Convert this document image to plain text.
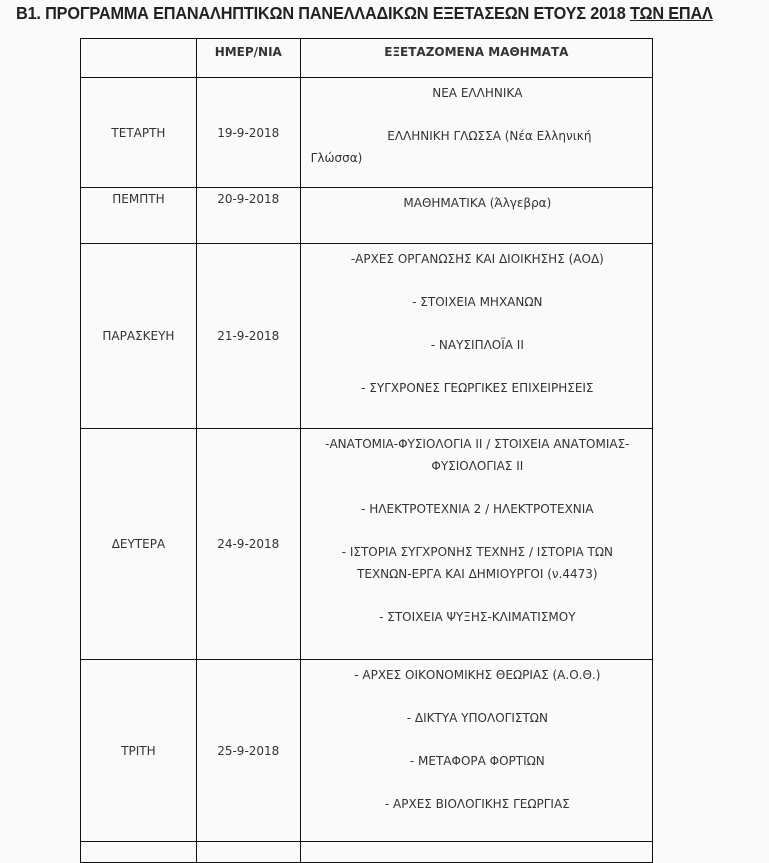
Β1. ΠΡΟΓΡΑΜΜΑ ΕΠΑΝΑΛΗΠΤΙΚΩΝ ΠΑΝΕΛΛΑΔΙΚΩΝ ΕΞΕΤΑΣΕΩΝ ΕΤΟΥΣ 2018 ΤΩΝ ΕΠΑΛ
	ΗΜΕΡ/ΝΙΑ	ΕΞΕΤΑΖΟΜΕΝΑ ΜΑΘΗΜΑΤΑ
ΤΕΤΑΡΤΗ	19-9-2018	ΝΕΑ ΕΛΛΗΝΙΚΑ
ΕΛΛΗΝΙΚΗ ΓΛΩΣΣΑ (Νέα Ελληνική
Γλώσσα)

ΠΕΜΠΤΗ	20-9-2018	ΜΑΘΗΜΑΤΙΚΑ (Άλγεβρα)

ΠΑΡΑΣΚΕΥΗ	21-9-2018	-ΑΡΧΕΣ ΟΡΓΑΝΩΣΗΣ ΚΑΙ ΔΙΟΙΚΗΣΗΣ (ΑΟΔ)
- ΣΤΟΙΧΕΙΑ ΜΗΧΑΝΩΝ
- ΝΑΥΣΙΠΛΟΪΑ ΙΙ
- ΣΥΓΧΡΟΝΕΣ ΓΕΩΡΓΙΚΕΣ ΕΠΙΧΕΙΡΗΣΕΙΣ

ΔΕΥΤΕΡΑ	24-9-2018	-ΑΝΑΤΟΜΙΑ-ΦΥΣΙΟΛΟΓΙΑ ΙΙ / ΣΤΟΙΧΕΙΑ ΑΝΑΤΟΜΙΑΣ-ΦΥΣΙΟΛΟΓΙΑΣ ΙΙ
- ΗΛΕΚΤΡΟΤΕΧΝΙΑ 2 / ΗΛΕΚΤΡΟΤΕΧΝΙΑ
- ΙΣΤΟΡΙΑ ΣΥΓΧΡΟΝΗΣ ΤΕΧΝΗΣ / ΙΣΤΟΡΙΑ ΤΩΝ ΤΕΧΝΩΝ-ΕΡΓΑ ΚΑΙ ΔΗΜΙΟΥΡΓΟΙ (ν.4473)
- ΣΤΟΙΧΕΙΑ ΨΥΞΗΣ-ΚΛΙΜΑΤΙΣΜΟΥ

ΤΡΙΤΗ	25-9-2018	- ΑΡΧΕΣ ΟΙΚΟΝΟΜΙΚΗΣ ΘΕΩΡΙΑΣ (Α.Ο.Θ.)
- ΔΙΚΤΥΑ ΥΠΟΛΟΓΙΣΤΩΝ
- ΜΕΤΑΦΟΡΑ ΦΟΡΤΙΩΝ
- ΑΡΧΕΣ ΒΙΟΛΟΓΙΚΗΣ ΓΕΩΡΓΙΑΣ
